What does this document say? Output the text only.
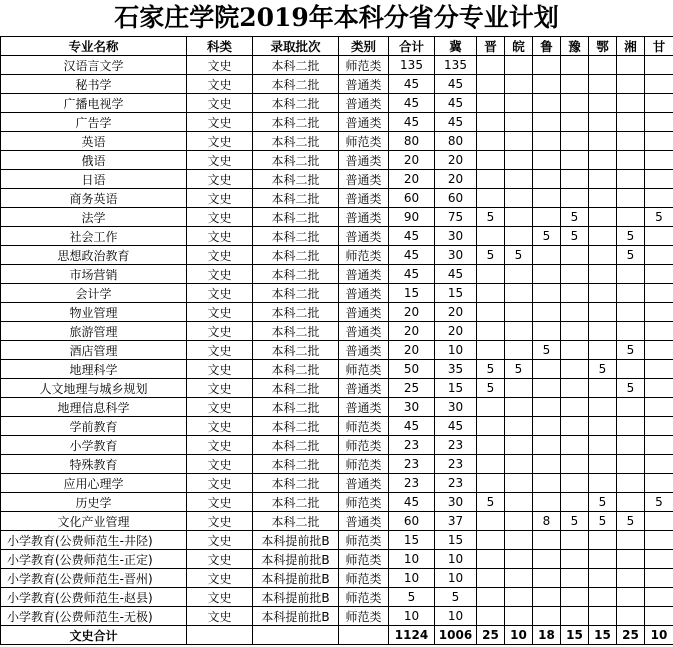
石家庄学院2019年本科分省分专业计划
专业名称	科类	录取批次	类别	合计	冀	晋	皖	鲁	豫	鄂	湘	甘
汉语言文学	文史	本科二批	师范类	135	135							
秘书学	文史	本科二批	普通类	45	45							
广播电视学	文史	本科二批	普通类	45	45							
广告学	文史	本科二批	普通类	45	45							
英语	文史	本科二批	师范类	80	80							
俄语	文史	本科二批	普通类	20	20							
日语	文史	本科二批	普通类	20	20							
商务英语	文史	本科二批	普通类	60	60							
法学	文史	本科二批	普通类	90	75	5			5			5
社会工作	文史	本科二批	普通类	45	30			5	5		5	
思想政治教育	文史	本科二批	师范类	45	30	5	5				5	
市场营销	文史	本科二批	普通类	45	45							
会计学	文史	本科二批	普通类	15	15							
物业管理	文史	本科二批	普通类	20	20							
旅游管理	文史	本科二批	普通类	20	20							
酒店管理	文史	本科二批	普通类	20	10			5			5	
地理科学	文史	本科二批	师范类	50	35	5	5			5		
人文地理与城乡规划	文史	本科二批	普通类	25	15	5					5	
地理信息科学	文史	本科二批	普通类	30	30							
学前教育	文史	本科二批	师范类	45	45							
小学教育	文史	本科二批	师范类	23	23							
特殊教育	文史	本科二批	师范类	23	23							
应用心理学	文史	本科二批	普通类	23	23							
历史学	文史	本科二批	师范类	45	30	5				5		5
文化产业管理	文史	本科二批	普通类	60	37			8	5	5	5	
小学教育(公费师范生-井陉)	文史	本科提前批B	师范类	15	15							
小学教育(公费师范生-正定)	文史	本科提前批B	师范类	10	10							
小学教育(公费师范生-晋州)	文史	本科提前批B	师范类	10	10							
小学教育(公费师范生-赵县)	文史	本科提前批B	师范类	5	5							
小学教育(公费师范生-无极)	文史	本科提前批B	师范类	10	10							
文史合计				1124	1006	25	10	18	15	15	25	10
